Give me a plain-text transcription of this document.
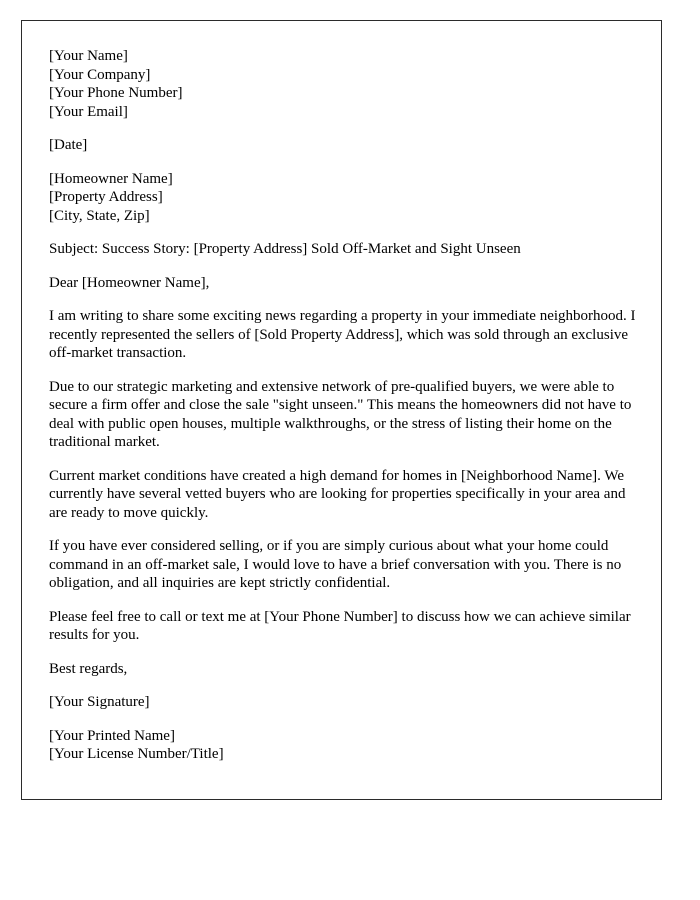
[Your Name]
[Your Company]
[Your Phone Number]
[Your Email]
[Date]
[Homeowner Name]
[Property Address]
[City, State, Zip]
Subject: Success Story: [Property Address] Sold Off-Market and Sight Unseen
Dear [Homeowner Name],

I am writing to share some exciting news regarding a property in your immediate neighborhood. I recently represented the sellers of [Sold Property Address], which was sold through an exclusive off-market transaction.

Due to our strategic marketing and extensive network of pre-qualified buyers, we were able to secure a firm offer and close the sale "sight unseen." This means the homeowners did not have to deal with public open houses, multiple walkthroughs, or the stress of listing their home on the traditional market.

Current market conditions have created a high demand for homes in [Neighborhood Name]. We currently have several vetted buyers who are looking for properties specifically in your area and are ready to move quickly.

If you have ever considered selling, or if you are simply curious about what your home could command in an off-market sale, I would love to have a brief conversation with you. There is no obligation, and all inquiries are kept strictly confidential.

Please feel free to call or text me at [Your Phone Number] to discuss how we can achieve similar results for you.

Best regards,
[Your Signature]
[Your Printed Name]
[Your License Number/Title]
